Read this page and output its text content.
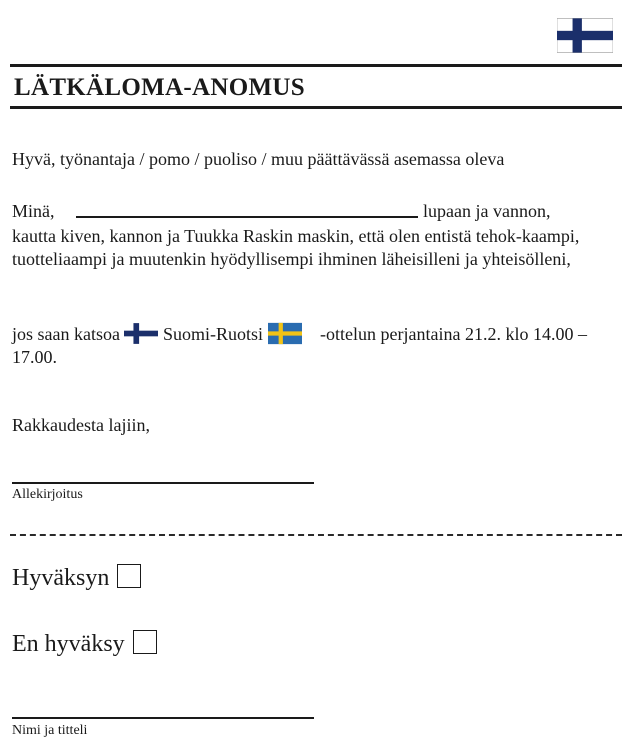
LÄTKÄLOMA-ANOMUS
Hyvä, työnantaja / pomo / puoliso / muu päättävässä asemassa oleva
Minä,	lupaan ja vannon,
kautta kiven, kannon ja Tuukka Raskin maskin, että olen entistä tehok-kaampi, tuotteliaampi ja muutenkin hyödyllisempi ihminen läheisilleni ja yhteisölleni,
jos saan katsoa Suomi-Ruotsi	-ottelun perjantaina 21.2. klo 14.00 – 17.00.
Rakkaudesta lajiin,
Allekirjoitus
Hyväksyn
En hyväksy
Nimi ja titteli
